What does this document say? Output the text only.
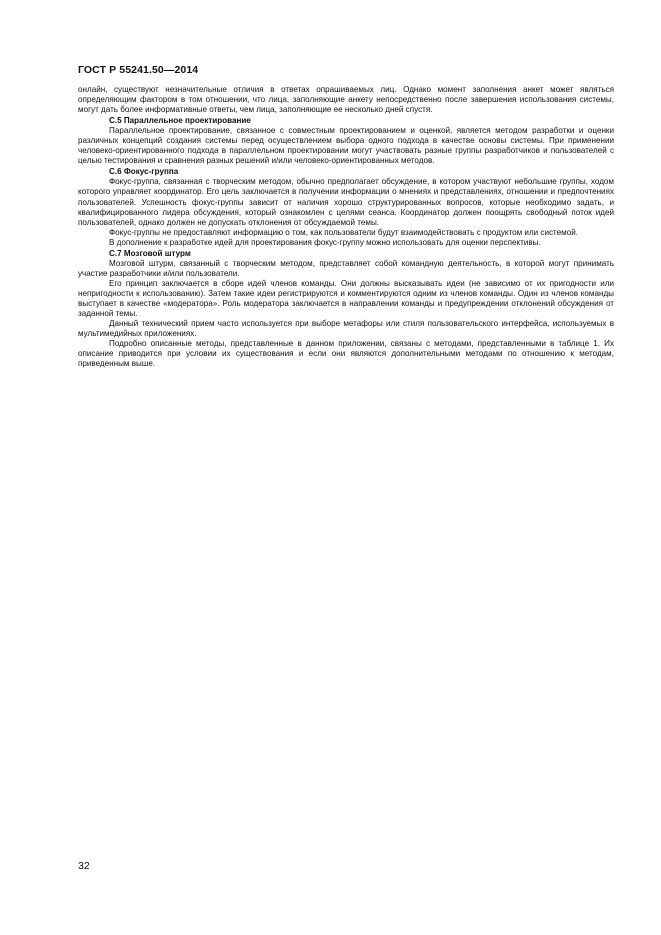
ГОСТ Р 55241.50—2014

онлайн, существуют незначительные отличия в ответах опрашиваемых лиц. Однако момент заполнения анкет может являться определяющим фактором в том отношении, что лица, заполняющие анкету непосредственно после завершения использования системы, могут дать более информативные ответы, чем лица, заполняющие ее несколько дней спустя.

С.5 Параллельное проектирование

Параллельное проектирование, связанное с совместным проектированием и оценкой, является методом разработки и оценки различных концепций создания системы перед осуществлением выбора одного подхода в качестве основы системы. При применении человеко-ориентированного подхода в параллельном проектировании могут участвовать разные группы разработчиков и пользователей с целью тестирования и сравнения разных решений и/или человеко-ориентированных методов.

С.6 Фокус-группа

Фокус-группа, связанная с творческим методом, обычно предполагает обсуждение, в котором участвуют небольшие группы, ходом которого управляет координатор. Его цель заключается в получении информации о мнениях и представлениях, отношении и предпочтениях пользователей. Успешность фокус-группы зависит от наличия хорошо структурированных вопросов, которые необходимо задать, и квалифицированного лидера обсуждения, который ознакомлен с целями сеанса. Координатор должен поощрять свободный поток идей пользователей, однако должен не допускать отклонения от обсуждаемой темы.

Фокус-группы не предоставляют информацию о том, как пользователи будут взаимодействовать с продуктом или системой.

В дополнение к разработке идей для проектирования фокус-группу можно использовать для оценки перспективы.

С.7 Мозговой штурм

Мозговой штурм, связанный с творческим методом, представляет собой командную деятельность, в которой могут принимать участие разработчики и/или пользователи.

Его принцип заключается в сборе идей членов команды. Они должны высказывать идеи (не зависимо от их пригодности или непригодности к использованию). Затем такие идеи регистрируются и комментируются одним из членов команды. Один из членов команды выступает в качестве «модератора». Роль модератора заключается в направлении команды и предупреждении отклонений обсуждения от заданной темы.

Данный технический прием часто используется при выборе метафоры или стиля пользовательского интерфейса, используемых в мультимедийных приложениях.

Подробно описанные методы, представленные в данном приложении, связаны с методами, представленными в таблице 1. Их описание приводится при условии их существования и если они являются дополнительными методами по отношению к методам, приведенным выше.

32
